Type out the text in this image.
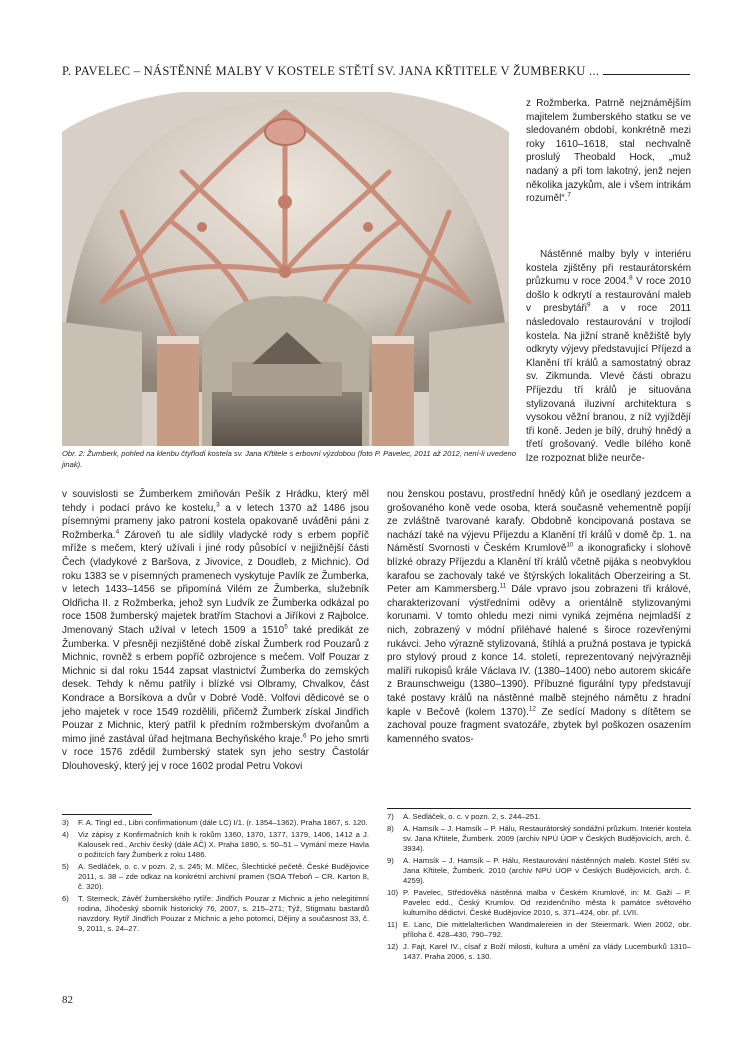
P. PAVELEC – NÁSTĚNNÉ MALBY V KOSTELE STĚTÍ SV. JANA KŘTITELE V ŽUMBERKU ...
Obr. 2: Žumberk, pohled na klenbu čtyřlodí kostela sv. Jana Křtitele s erbovní výzdobou (foto P. Pavelec, 2011 až 2012, není-li uvedeno jinak).

z Rožmberka. Patrně nejznámějším majitelem žumberského statku se ve sledovaném období, konkrétně mezi roky 1610–1618, stal nechvalně proslulý Theobald Hock, „muž nadaný a při tom lakotný, jenž nejen několika jazykům, ale i všem intrikám rozuměl“.$^7$

Nástěnné malby byly v interiéru kostela zjištěny při restaurátorském průzkumu v roce 2004.$^8$ V roce 2010 došlo k odkrytí a restaurování maleb v presbytáři$^9$ a v roce 2011 následovalo restaurování v trojlodí kostela. Na jižní straně kněžiště byly odkryty výjevy představující Příjezd a Klanění tří králů a samostatný obraz sv. Zikmunda. Vlevé části obrazu Příjezdu tří králů je situována stylizovaná iluzivní architektura s vysokou věžní branou, z níž vyjíždějí tři koně. Jeden je bílý, druhý hnědý a třetí grošovaný. Vedle bílého koně lze rozpoznat bliže neurče-

v souvislosti se Žumberkem zmiňován Pešík z Hrádku, který měl tehdy i podací právo ke kostelu,$^3$ a v letech 1370 až 1486 jsou písemnými prameny jako patroni kostela opakovaně uváděni páni z Rožmberka.$^4$ Zároveň tu ale sídlily vladycké rody s erbem popříč mříže s mečem, který užívali i jiné rody působící v nejjižnější části Čech (vladykové z Baršova, z Jivovice, z Doudleb, z Michnic). Od roku 1383 se v písemných pramenech vyskytuje Pavlík ze Žumberka, v letech 1433–1456 se připomíná Vilém ze Žumberka, služebník Oldřicha II. z Rožmberka, jehož syn Ludvík ze Žumberka odkázal po roce 1508 žumberský majetek bratřím Stachovi a Jiříkovi z Rajbolce. Jmenovaný Stach užíval v letech 1509 a 1510$^5$ také predikát ze Žumberka. V přesněji nezjištěné době získal Žumberk rod Pouzarů z Michnic, rovněž s erbem popříč ozbrojence s mečem. Volf Pouzar z Michnic si dal roku 1544 zapsat vlastnictví Žumberka do zemských desek. Tehdy k němu patřily i blízké vsi Olbramy, Chvalkov, část Kondrace a Borsíkova a dvůr v Dobré Vodě. Volfovi dědicové se o jeho majetek v roce 1549 rozdělili, přičemž Žumberk získal Jindřich Pouzar z Michnic, který patřil k předním rožmberským dvořanům a mimo jiné zastával úřad hejtmana Bechyňského kraje.$^6$ Po jeho smrti v roce 1576 zdědil žumberský statek syn jeho sestry Častolár Dlouhoveský, který jej v roce 1602 prodal Petru Vokovi

nou ženskou postavu, prostřední hnědý kůň je osedlaný jezdcem a grošovaného koně vede osoba, která současně vehementně popíjí ze zvláštně tvarované karafy. Obdobně koncipovaná postava se nachází také na výjevu Příjezdu a Klanění tří králů v domě čp. 1. na Náměstí Svornosti v Českém Krumlově$^{10}$ a ikonograficky i slohově blízké obrazy Příjezdu a Klanění tří králů včetně pijáka s neobvyklou karafou se zachovaly také ve štýrských lokalitách Oberzeiring a St. Peter am Kammersberg.$^{11}$ Dále vpravo jsou zobrazeni tři králové, charakterizovaní výstředními oděvy a orientálně stylizovanými korunami. V tomto ohledu mezi nimi vyniká zejména nejmladší z nich, zobrazený v módní přiléhavé halené s široce rozevřenými rukávci. Jeho výrazně stylizovaná, štíhlá a pružná postava je typická pro stylový proud z konce 14. století, reprezentovaný nejvýrazněji malíři rukopisů krále Václava IV. (1380–1400) nebo autorem skicáře z Braunschweigu (1380–1390). Příbuzné figurální typy představují také postavy králů na nástěnné malbě stejného námětu z hradní kaple v Bečově (kolem 1370).$^{12}$ Ze sedící Madony s dítětem se zachoval pouze fragment svatozáře, zbytek byl poškozen osazením kamenného svatos-

3) F. A. Tingl ed., Libri confirmationum (dále LC) I/1. (r. 1354–1362). Praha 1867, s. 120.
4) Viz zápisy z Konfirmačních knih k rokům 1360, 1370, 1377, 1379, 1406, 1412 a J. Kalousek red., Archiv český (dále AČ) X. Praha 1890, s. 50–51 – Vymání meze Havla o požitcích fary Žumberk z roku 1486.
5) A. Sedláček, o. c. v pozn. 2, s. 245; M. Mlčec, Šlechtické pečetě. České Budějovice 2011, s. 38 – zde odkaz na konkrétní archivní pramen (SOA Třeboň – CR. Karton 8, č. 320).
6) T. Sterneck, Závěť žumberského rytíře: Jindřich Pouzar z Michnic a jeho nelegitimní rodina, Jihočeský sborník historický 76, 2007, s. 215–271; Týž, Stigmatu bastardů navzdory. Rytíř Jindřich Pouzar z Michnic a jeho potomci, Dějiny a současnost 33, č. 9, 2011, s. 24–27.
7) A. Sedláček, o. c. v pozn. 2, s. 244–251.
8) A. Hamsík – J. Hamsík – P. Hálu, Restaurátorský sondážní průzkum. Interiér kostela sv. Jana Křtitele, Žumberk. 2009 (archiv NPÚ ÚOP v Českých Budějovicích, arch. č. 3934).
9) A. Hamsík – J. Hamsík – P. Hálu, Restaurování nástěnných maleb. Kostel Stětí sv. Jana Křtitele, Žumberk. 2010 (archiv NPÚ ÚOP v Českých Budějovicích, arch. č. 4259).
10) P. Pavelec, Středověká nástěnná malba v Českém Krumlově, in: M. Gaži – P. Pavelec edd., Český Krumlov. Od rezidenčního města k památce světového kulturního dědictví. České Budějovice 2010, s. 371–424, obr. př. LVII.
11) E. Lanc, Die mittelalterlichen Wandmalereien in der Steiermark. Wien 2002, obr. příloha č. 428–430, 790–792.
12) J. Fajt, Karel IV., císař z Boží milosti, kultura a umění za vlády Lucemburků 1310–1437. Praha 2006, s. 130.
82
